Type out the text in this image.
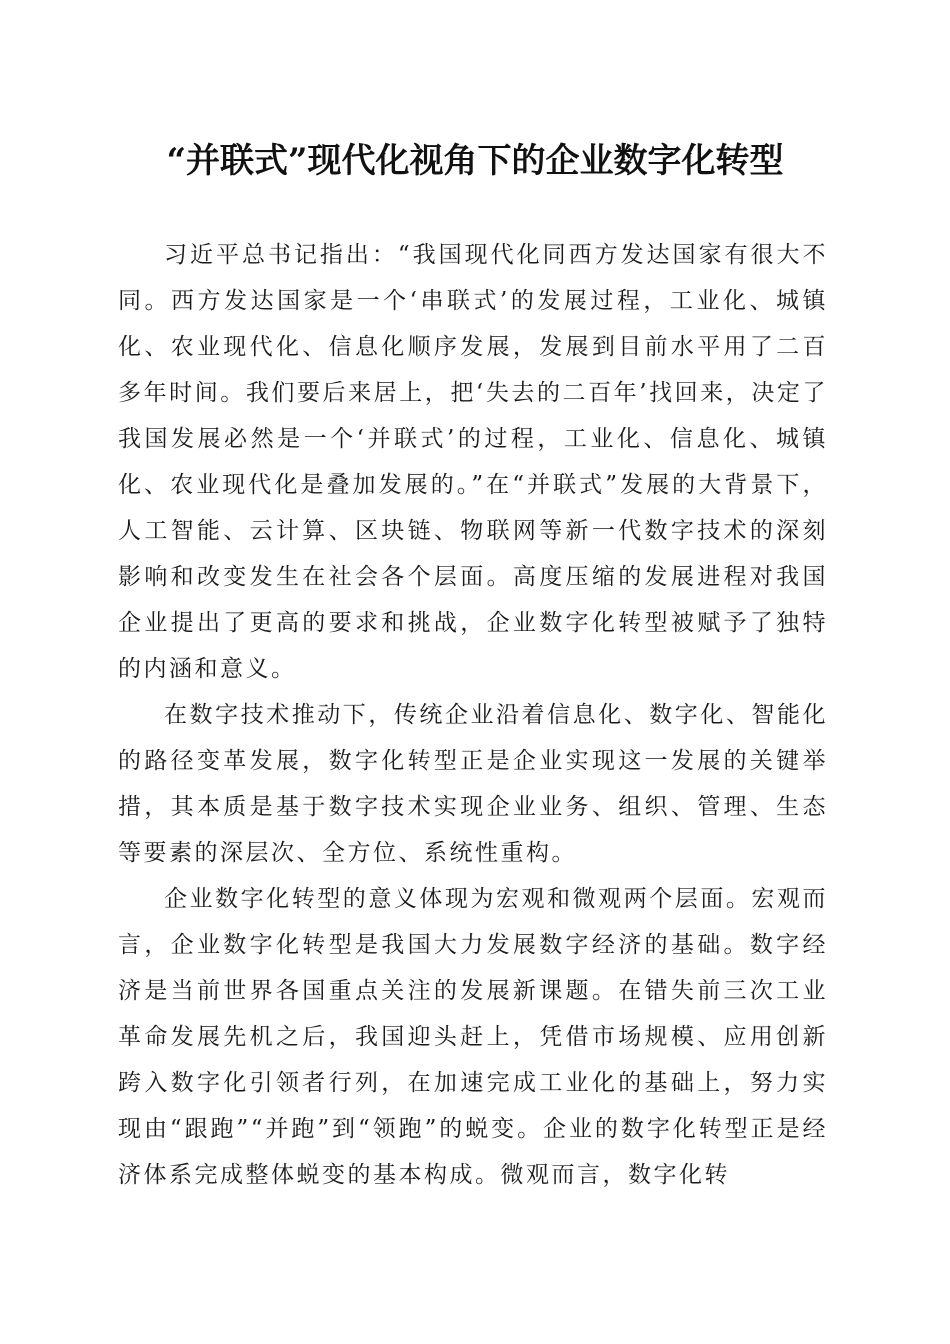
“并联式”现代化视角下的企业数字化转型

习近平总书记指出：“我国现代化同西方发达国家有很大不同。西方发达国家是一个‘串联式’的发展过程，工业化、城镇化、农业现代化、信息化顺序发展，发展到目前水平用了二百多年时间。我们要后来居上，把‘失去的二百年’找回来，决定了我国发展必然是一个‘并联式’的过程，工业化、信息化、城镇化、农业现代化是叠加发展的。”在“并联式”发展的大背景下，人工智能、云计算、区块链、物联网等新一代数字技术的深刻影响和改变发生在社会各个层面。高度压缩的发展进程对我国企业提出了更高的要求和挑战，企业数字化转型被赋予了独特的内涵和意义。

在数字技术推动下，传统企业沿着信息化、数字化、智能化的路径变革发展，数字化转型正是企业实现这一发展的关键举措，其本质是基于数字技术实现企业业务、组织、管理、生态等要素的深层次、全方位、系统性重构。

企业数字化转型的意义体现为宏观和微观两个层面。宏观而言，企业数字化转型是我国大力发展数字经济的基础。数字经济是当前世界各国重点关注的发展新课题。在错失前三次工业革命发展先机之后，我国迎头赶上，凭借市场规模、应用创新跨入数字化引领者行列，在加速完成工业化的基础上，努力实现由“跟跑”“并跑”到“领跑”的蜕变。企业的数字化转型正是经济体系完成整体蜕变的基本构成。微观而言，数字化转
